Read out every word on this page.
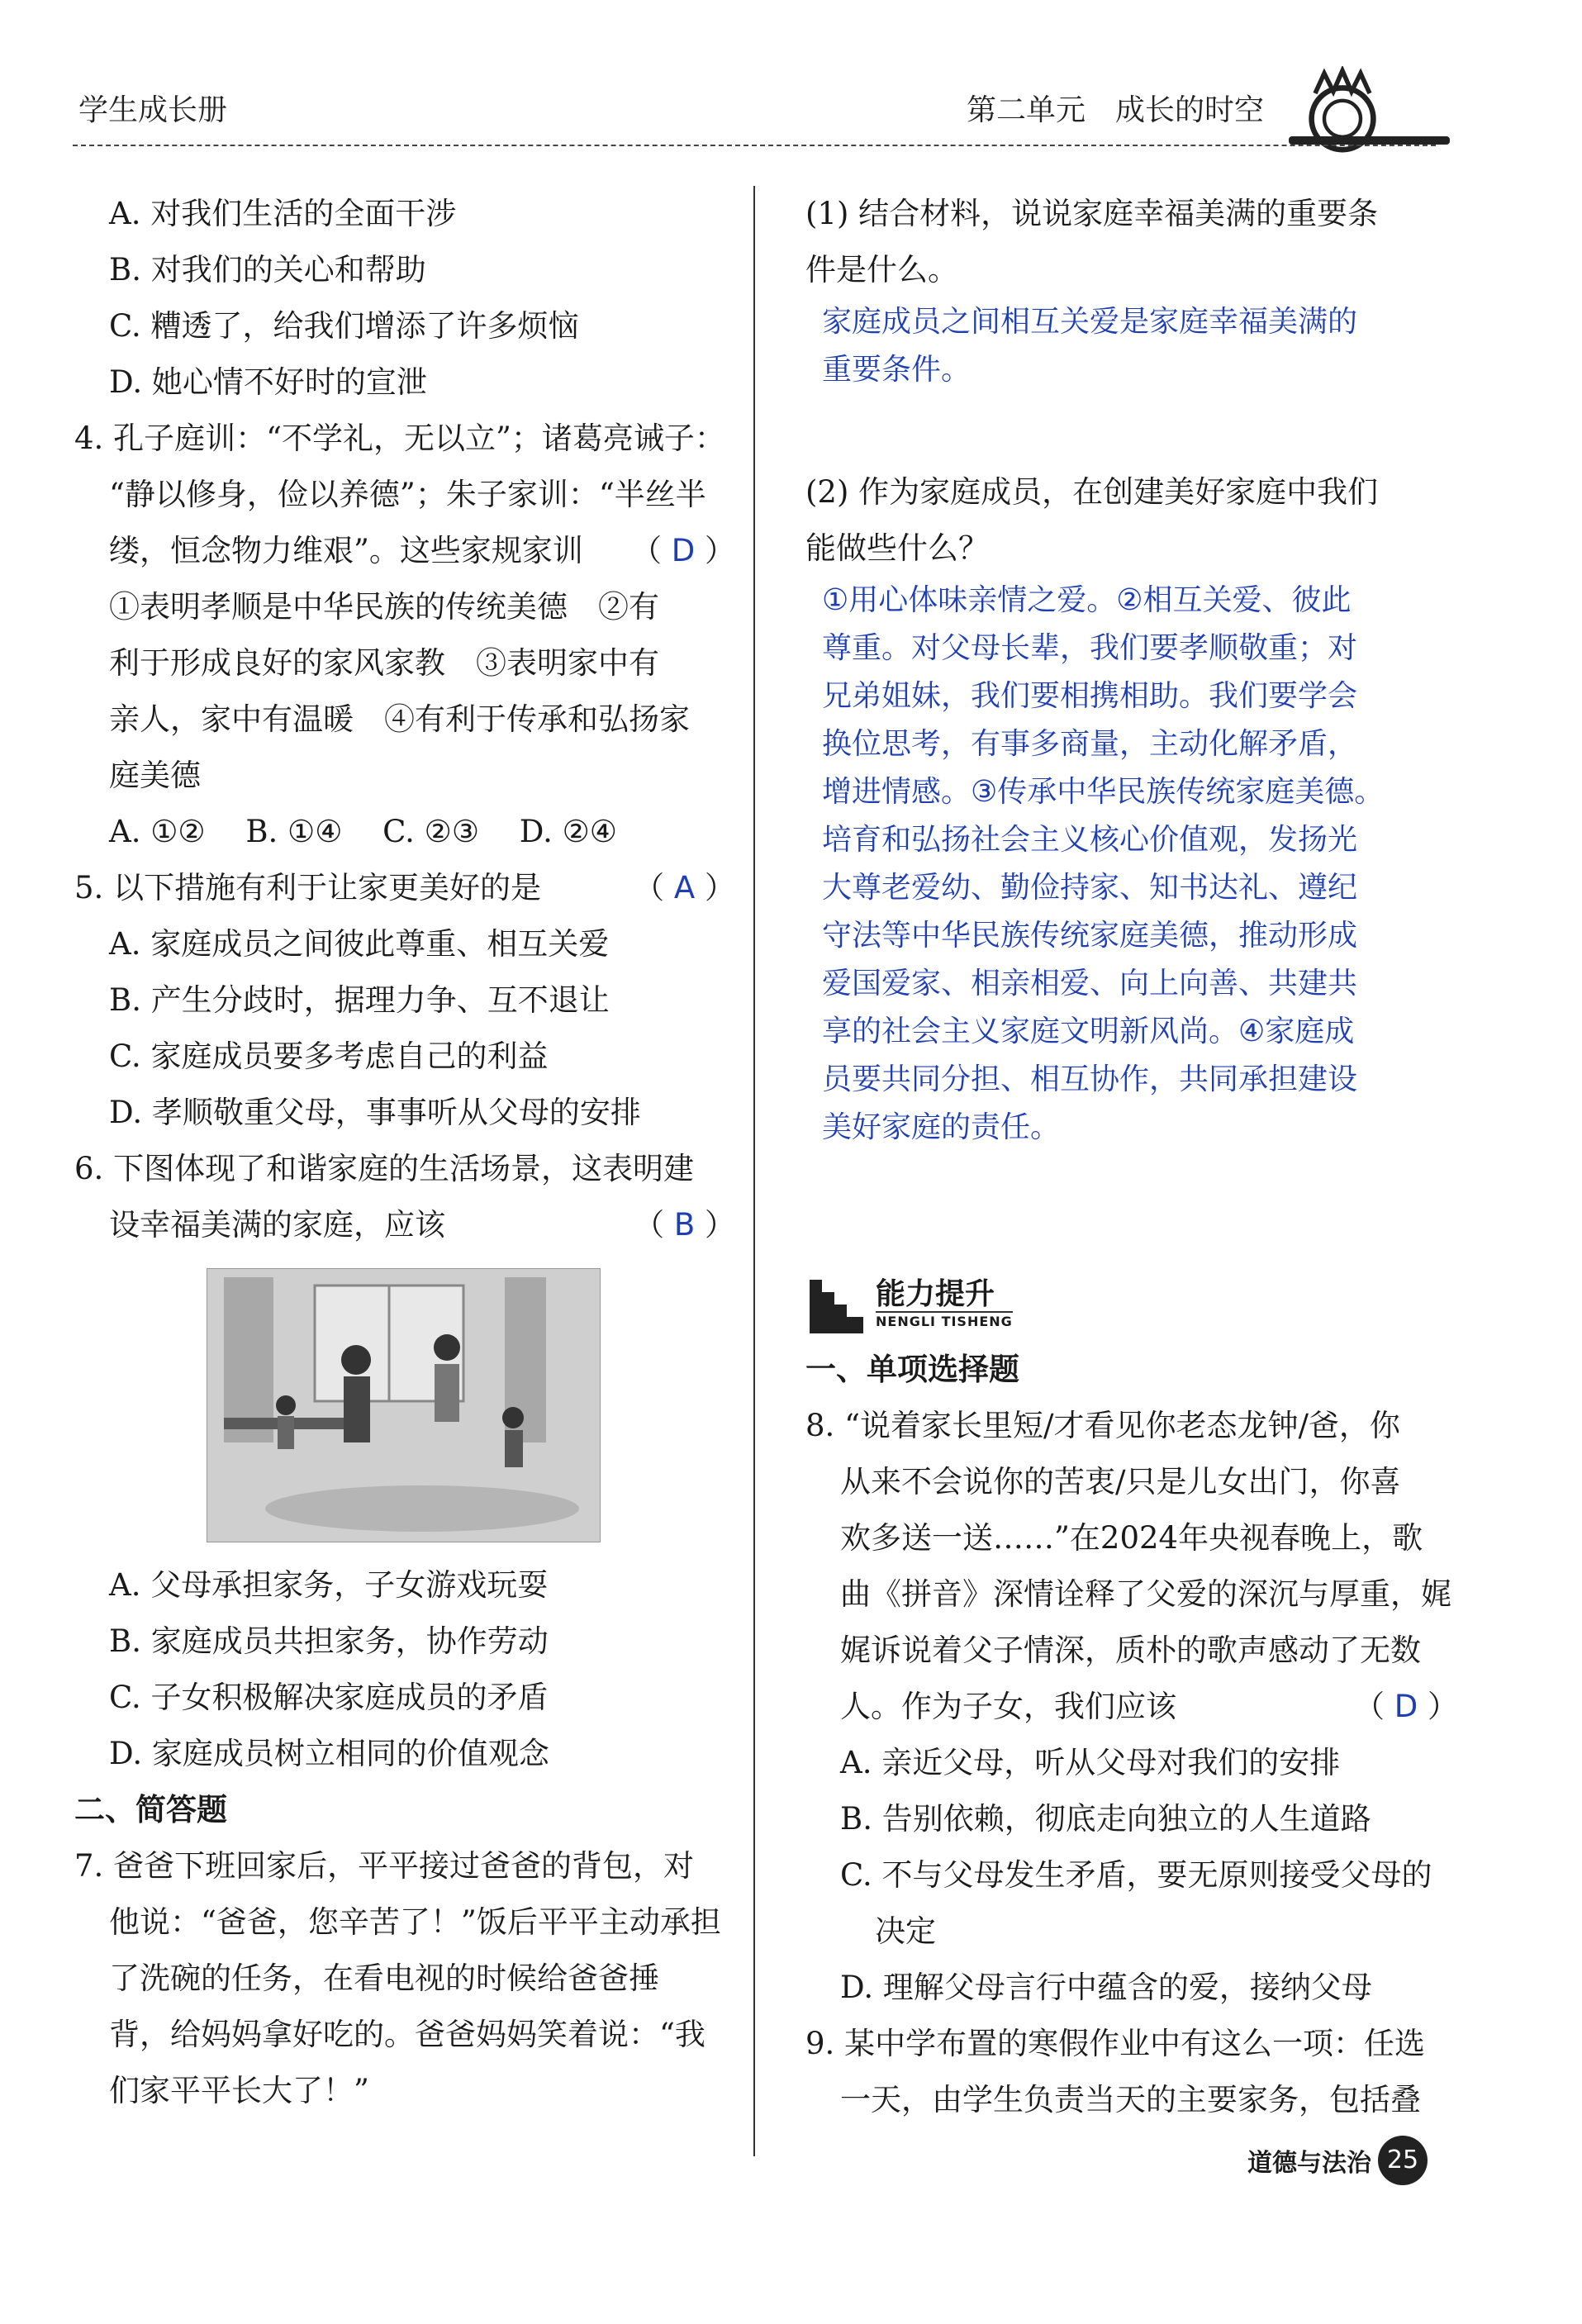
学生成长册	第二单元　成长的时空
A. 对我们生活的全面干涉
B. 对我们的关心和帮助
C. 糟透了，给我们增添了许多烦恼
D. 她心情不好时的宣泄
4. 孔子庭训：“不学礼，无以立”；诸葛亮诫子：
“静以修身，俭以养德”；朱子家训：“半丝半
缕，恒念物力维艰”。这些家规家训 （ D ）
①表明孝顺是中华民族的传统美德　②有
利于形成良好的家风家教　③表明家中有
亲人，家中有温暖　④有利于传承和弘扬家
庭美德
A. ①②　 B. ①④　 C. ②③　 D. ②④
5. 以下措施有利于让家更美好的是	（ A ）
A. 家庭成员之间彼此尊重、相互关爱
B. 产生分歧时，据理力争、互不退让
C. 家庭成员要多考虑自己的利益
D. 孝顺敬重父母，事事听从父母的安排
6. 下图体现了和谐家庭的生活场景，这表明建
设幸福美满的家庭，应该	（ B ）
A. 父母承担家务，子女游戏玩耍
B. 家庭成员共担家务，协作劳动
C. 子女积极解决家庭成员的矛盾
D. 家庭成员树立相同的价值观念
二、简答题
7. 爸爸下班回家后，平平接过爸爸的背包，对
他说：“爸爸，您辛苦了！”饭后平平主动承担
了洗碗的任务，在看电视的时候给爸爸捶
背，给妈妈拿好吃的。爸爸妈妈笑着说：“我
们家平平长大了！”
(1) 结合材料，说说家庭幸福美满的重要条
件是什么。
家庭成员之间相互关爱是家庭幸福美满的
重要条件。
(2) 作为家庭成员，在创建美好家庭中我们
能做些什么？
①用心体味亲情之爱。②相互关爱、彼此
尊重。对父母长辈，我们要孝顺敬重；对
兄弟姐妹，我们要相携相助。我们要学会
换位思考，有事多商量，主动化解矛盾，
增进情感。③传承中华民族传统家庭美德。
培育和弘扬社会主义核心价值观，发扬光
大尊老爱幼、勤俭持家、知书达礼、遵纪
守法等中华民族传统家庭美德，推动形成
爱国爱家、相亲相爱、向上向善、共建共
享的社会主义家庭文明新风尚。④家庭成
员要共同分担、相互协作，共同承担建设
美好家庭的责任。
能力提升
NENGLI TISHENG
一、单项选择题
8. “说着家长里短/才看见你老态龙钟/爸，你
从来不会说你的苦衷/只是儿女出门，你喜
欢多送一送……”在2024年央视春晚上，歌
曲《拼音》深情诠释了父爱的深沉与厚重，娓
娓诉说着父子情深，质朴的歌声感动了无数
人。作为子女，我们应该	（ D ）
A. 亲近父母，听从父母对我们的安排
B. 告别依赖，彻底走向独立的人生道路
C. 不与父母发生矛盾，要无原则接受父母的
决定
D. 理解父母言行中蕴含的爱，接纳父母
9. 某中学布置的寒假作业中有这么一项：任选
一天，由学生负责当天的主要家务，包括叠
道德与法治 25
